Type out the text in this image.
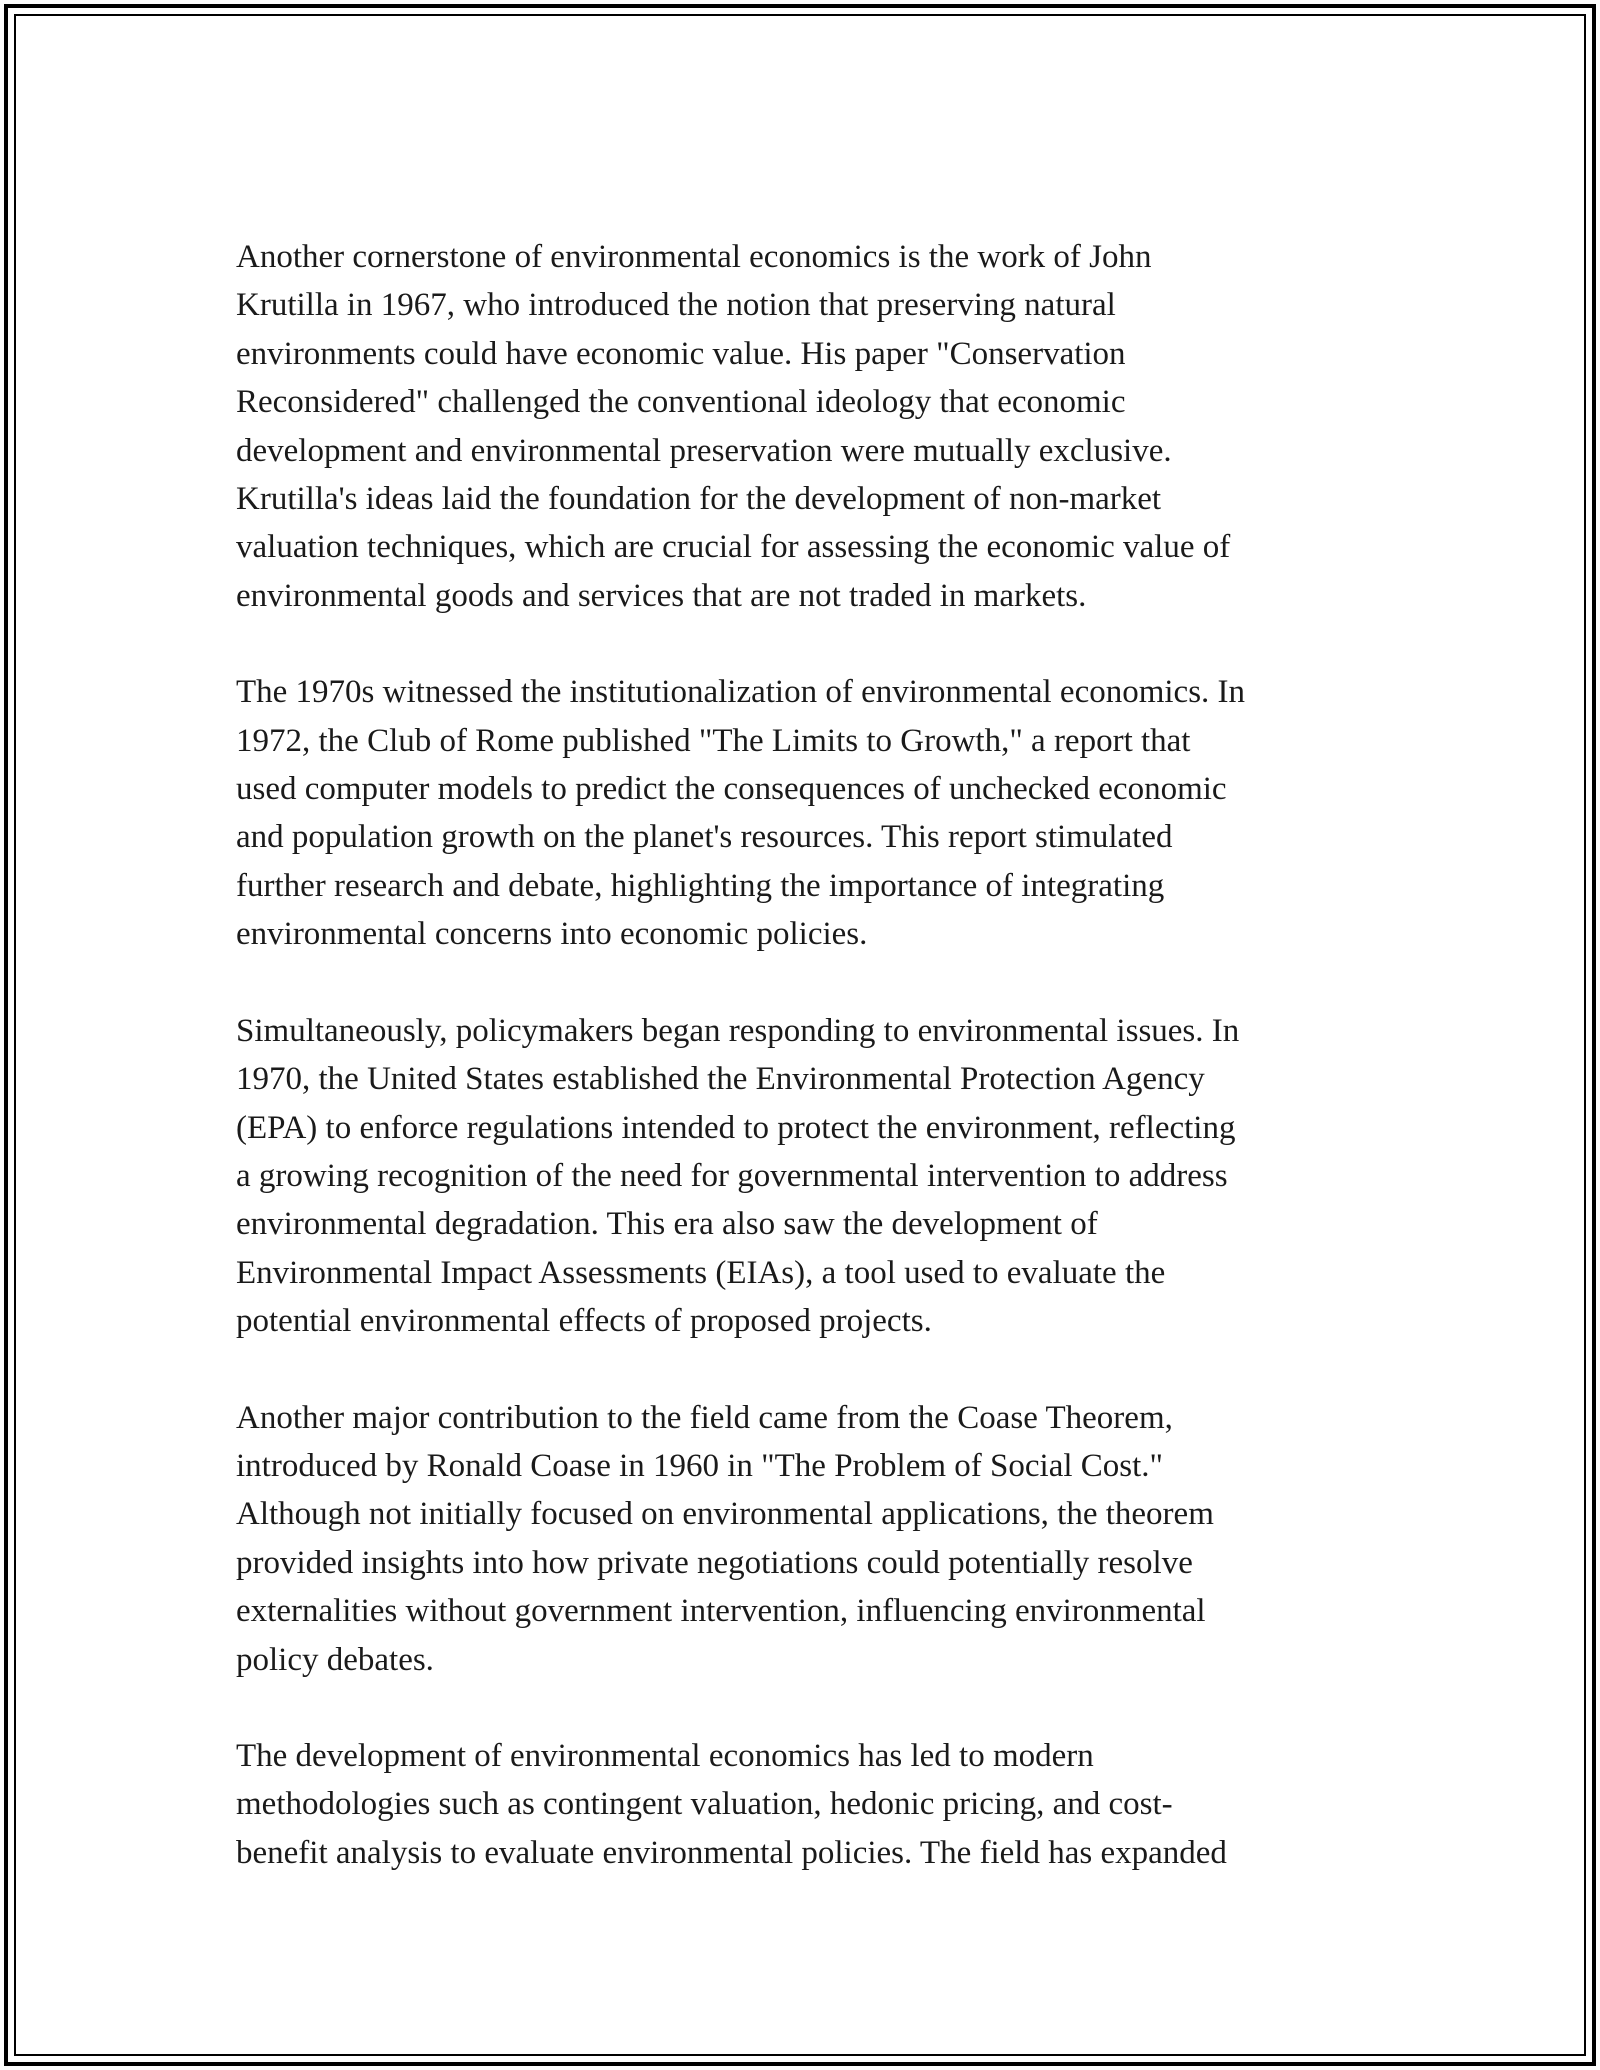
Another cornerstone of environmental economics is the work of John
Krutilla in 1967, who introduced the notion that preserving natural
environments could have economic value. His paper "Conservation
Reconsidered" challenged the conventional ideology that economic
development and environmental preservation were mutually exclusive.
Krutilla's ideas laid the foundation for the development of non-market
valuation techniques, which are crucial for assessing the economic value of
environmental goods and services that are not traded in markets.

The 1970s witnessed the institutionalization of environmental economics. In
1972, the Club of Rome published "The Limits to Growth," a report that
used computer models to predict the consequences of unchecked economic
and population growth on the planet's resources. This report stimulated
further research and debate, highlighting the importance of integrating
environmental concerns into economic policies.

Simultaneously, policymakers began responding to environmental issues. In
1970, the United States established the Environmental Protection Agency
(EPA) to enforce regulations intended to protect the environment, reflecting
a growing recognition of the need for governmental intervention to address
environmental degradation. This era also saw the development of
Environmental Impact Assessments (EIAs), a tool used to evaluate the
potential environmental effects of proposed projects.

Another major contribution to the field came from the Coase Theorem,
introduced by Ronald Coase in 1960 in "The Problem of Social Cost."
Although not initially focused on environmental applications, the theorem
provided insights into how private negotiations could potentially resolve
externalities without government intervention, influencing environmental
policy debates.

The development of environmental economics has led to modern
methodologies such as contingent valuation, hedonic pricing, and cost-
benefit analysis to evaluate environmental policies. The field has expanded
